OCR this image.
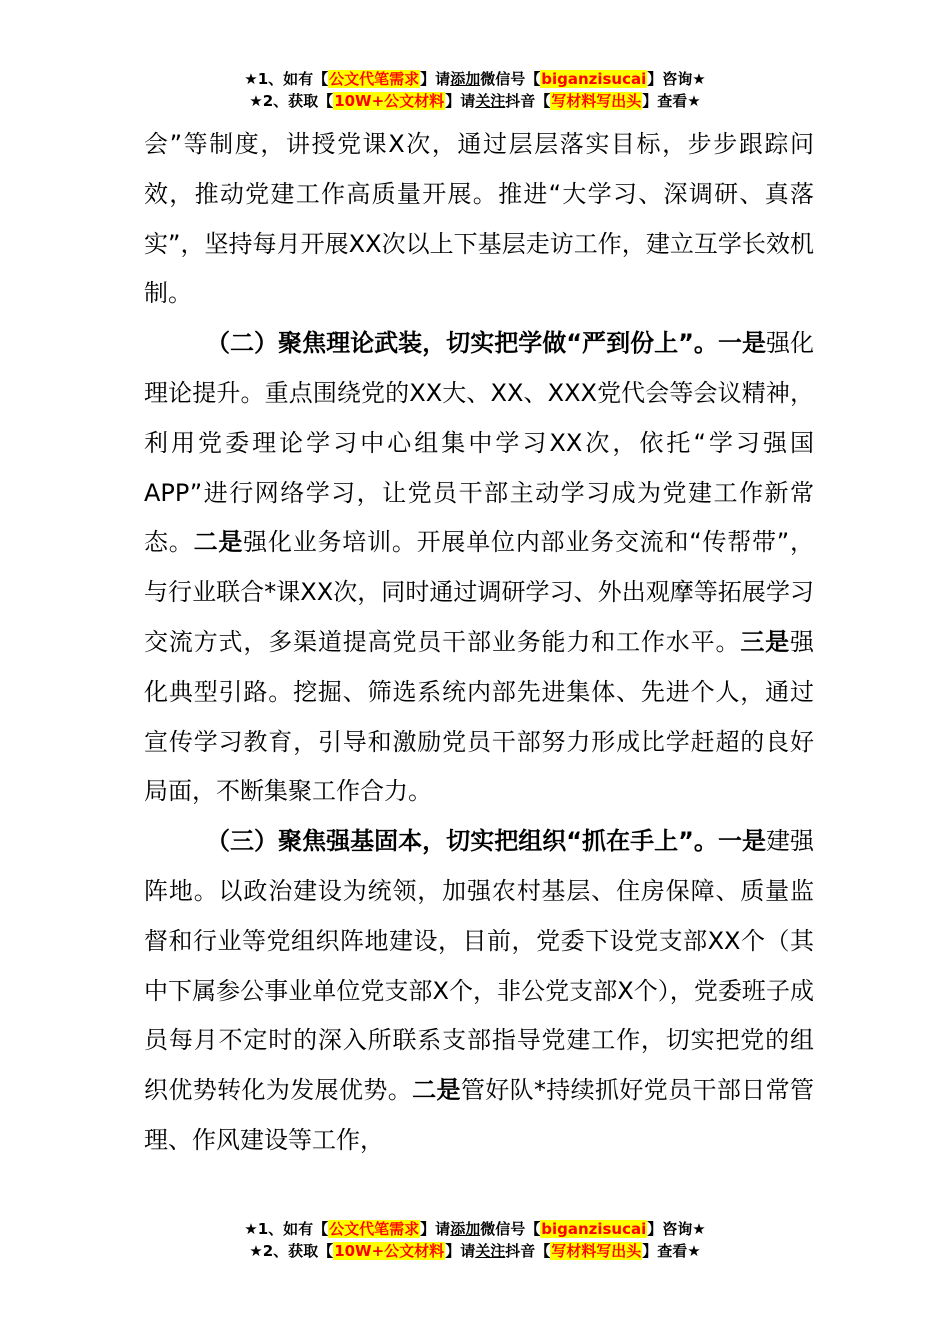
★1、如有【公文代笔需求】请添加微信号【biganzisucai】咨询★
★2、获取【10W+公文材料】请关注抖音【写材料写出头】查看★

会”等制度，讲授党课X次，通过层层落实目标，步步跟踪问效，推动党建工作高质量开展。推进“大学习、深调研、真落实”，坚持每月开展XX次以上下基层走访工作，建立互学长效机制。

（二）聚焦理论武装，切实把学做“严到份上”。一是强化理论提升。重点围绕党的XX大、XX、XXX党代会等会议精神，利用党委理论学习中心组集中学习XX次，依托“学习强国APP”进行网络学习，让党员干部主动学习成为党建工作新常态。二是强化业务培训。开展单位内部业务交流和“传帮带”，与行业联合*课XX次，同时通过调研学习、外出观摩等拓展学习交流方式，多渠道提高党员干部业务能力和工作水平。三是强化典型引路。挖掘、筛选系统内部先进集体、先进个人，通过宣传学习教育，引导和激励党员干部努力形成比学赶超的良好局面，不断集聚工作合力。

（三）聚焦强基固本，切实把组织“抓在手上”。一是建强阵地。以政治建设为统领，加强农村基层、住房保障、质量监督和行业等党组织阵地建设，目前，党委下设党支部XX个（其中下属参公事业单位党支部X个，非公党支部X个），党委班子成员每月不定时的深入所联系支部指导党建工作，切实把党的组织优势转化为发展优势。二是管好队*持续抓好党员干部日常管理、作风建设等工作，

★1、如有【公文代笔需求】请添加微信号【biganzisucai】咨询★
★2、获取【10W+公文材料】请关注抖音【写材料写出头】查看★
